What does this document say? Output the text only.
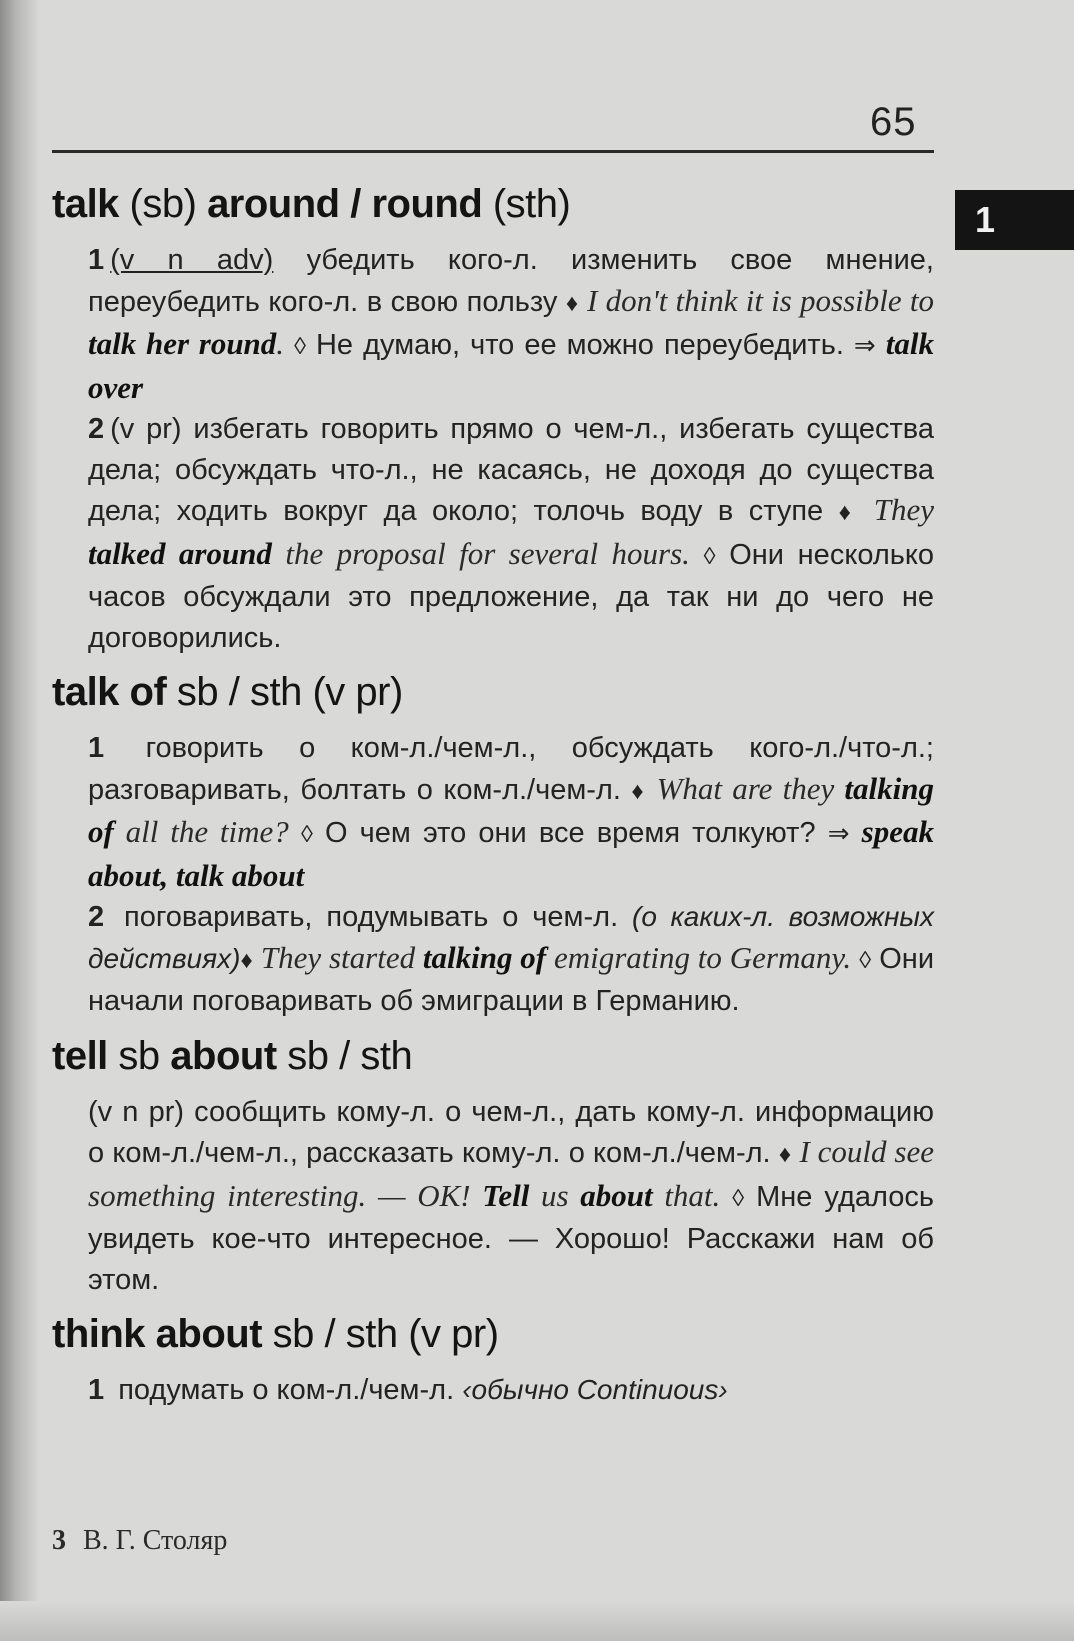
65
1
talk (sb) around / round (sth)
1 (v n adv) убедить кого-л. изменить свое мнение, переубедить кого-л. в свою пользу ♦ I don't think it is possible to talk her round. ◊ Не думаю, что ее можно переубедить. ⇒ talk over
2 (v pr) избегать говорить прямо о чем-л., избегать существа дела; обсуждать что-л., не касаясь, не доходя до существа дела; ходить вокруг да около; толочь воду в ступе ♦ They talked around the proposal for several hours. ◊ Они несколько часов обсуждали это предложение, да так ни до чего не договорились.
talk of sb / sth (v pr)
1 говорить о ком-л./чем-л., обсуждать кого-л./что-л.; разговаривать, болтать о ком-л./чем-л. ♦ What are they talking of all the time? ◊ О чем это они все время толкуют? ⇒ speak about, talk about
2 поговаривать, подумывать о чем-л. (о каких-л. возможных действиях)♦ They started talking of emigrating to Germany. ◊ Они начали поговаривать об эмиграции в Германию.
tell sb about sb / sth
(v n pr) сообщить кому-л. о чем-л., дать кому-л. информацию о ком-л./чем-л., рассказать кому-л. о ком-л./чем-л. ♦ I could see something interesting. — OK! Tell us about that. ◊ Мне удалось увидеть кое-что интересное. — Хорошо! Расскажи нам об этом.
think about sb / sth (v pr)
1 подумать о ком-л./чем-л. ‹обычно Continuous›
3 В. Г. Столяр
